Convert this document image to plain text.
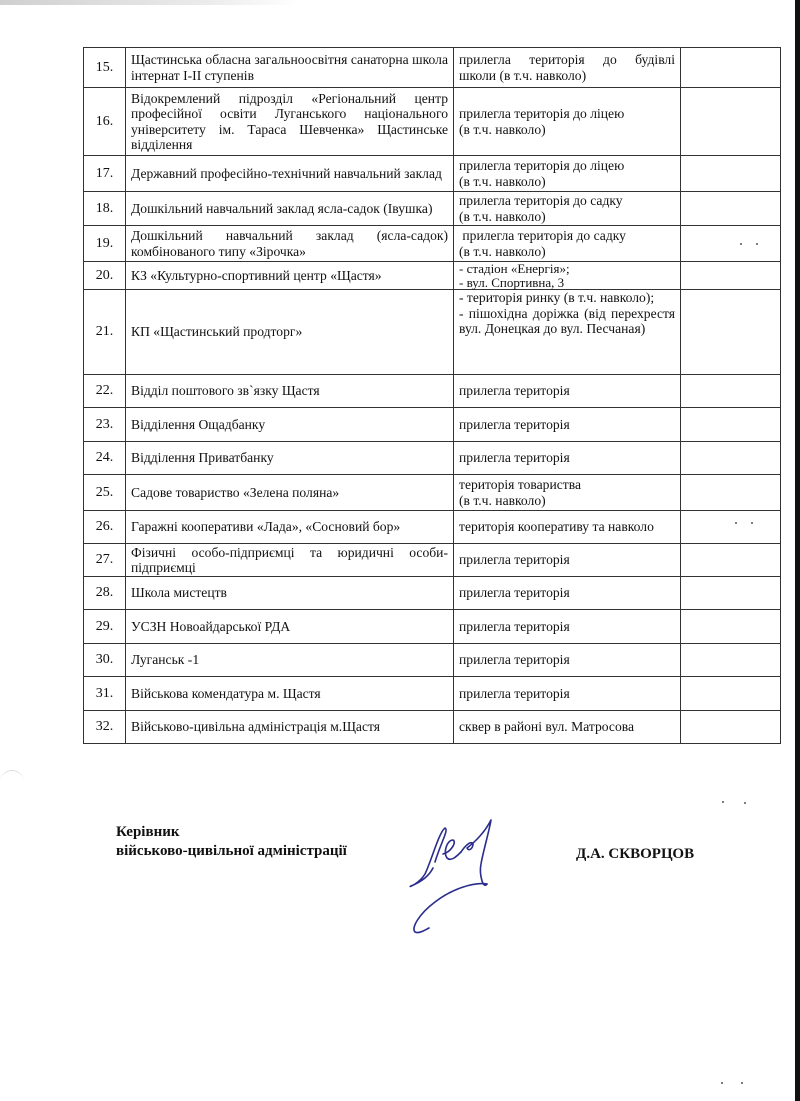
15.	Щастинська обласна загальноосвітня санаторна школа інтернат І-ІІ ступенів	прилегла територія до будівлі
школи (в т.ч. навколо)	

16.	Відокремлений підрозділ «Регіональний центр професійної освіти Луганського національного університету ім. Тараса Шевченка» Щастинське відділення	прилегла територія до ліцею
(в т.ч. навколо)	

17.	Державний професійно-технічний навчальний заклад	прилегла територія до ліцею
(в т.ч. навколо)	

18.	Дошкільний навчальний заклад ясла-садок (Івушка)	прилегла територія до садку
(в т.ч. навколо)	

19.	Дошкільний навчальний заклад (ясла-садок) комбінованого типу «Зірочка»	прилегла територія до садку
(в т.ч. навколо)	

20.	КЗ «Культурно-спортивний центр «Щастя»	- стадіон «Енергія»;
- вул. Спортивна, 3	

21.	КП «Щастинський продторг»	- територія ринку (в т.ч. навколо);
- пішохідна доріжка (від перехрестя вул. Донецкая до вул. Песчаная)	

22.	Відділ поштового зв`язку Щастя	прилегла територія	
23.	Відділення Ощадбанку	прилегла територія	
24.	Відділення Приватбанку	прилегла територія	
25.	Садове товариство «Зелена поляна»	територія товариства
(в т.ч. навколо)	

26.	Гаражні кооперативи «Лада», «Сосновий бор»	територія кооперативу та навколо	
27.	Фізичні особо-підприємці та юридичні особи-підприємці	прилегла територія	
28.	Школа мистецтв	прилегла територія	
29.	УСЗН Новоайдарської РДА	прилегла територія	
30.	Луганськ -1	прилегла територія	
31.	Військова комендатура м. Щастя	прилегла територія	
32.	Військово-цивільна адміністрація м.Щастя	сквер в районі вул. Матросова	
Керівник
військово-цивільної адміністрації	Д.А. СКВОРЦОВ
